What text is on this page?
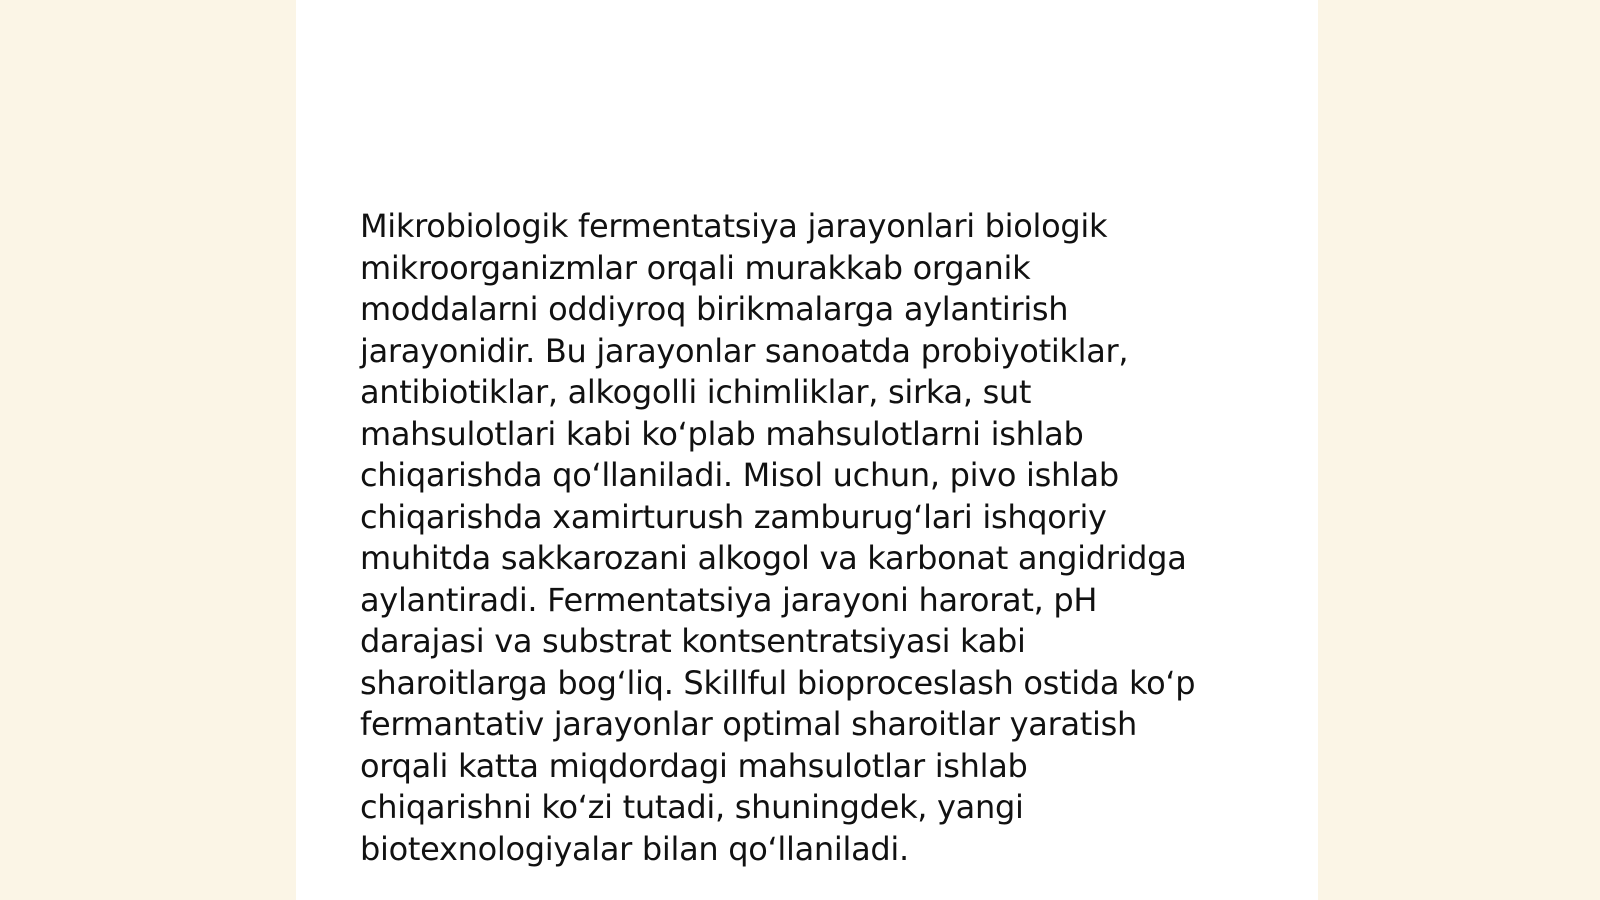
Mikrobiologik fermentatsiya jarayonlari biologik
mikroorganizmlar orqali murakkab organik
moddalarni oddiyroq birikmalarga aylantirish
jarayonidir. Bu jarayonlar sanoatda probiyotiklar,
antibiotiklar, alkogolli ichimliklar, sirka, sut
mahsulotlari kabi ko‘plab mahsulotlarni ishlab
chiqarishda qo‘llaniladi. Misol uchun, pivo ishlab
chiqarishda xamirturush zamburug‘lari ishqoriy
muhitda sakkarozani alkogol va karbonat angidridga
aylantiradi. Fermentatsiya jarayoni harorat, pH
darajasi va substrat kontsentratsiyasi kabi
sharoitlarga bog‘liq. Skillful bioproceslash ostida ko‘p
fermantativ jarayonlar optimal sharoitlar yaratish
orqali katta miqdordagi mahsulotlar ishlab
chiqarishni ko‘zi tutadi, shuningdek, yangi
biotexnologiyalar bilan qo‘llaniladi.
